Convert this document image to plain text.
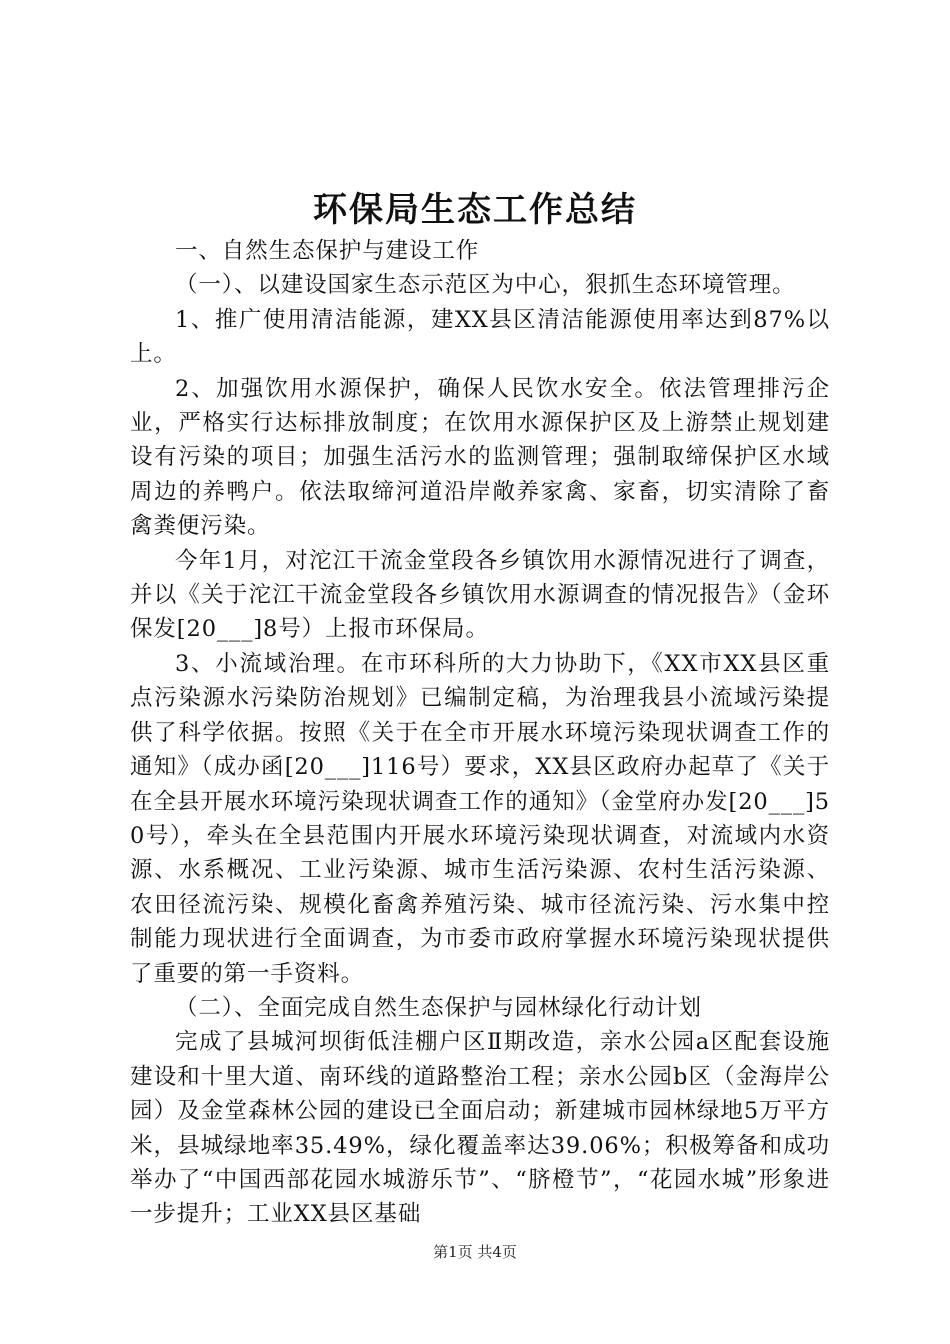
环保局生态工作总结

一、自然生态保护与建设工作

（一）、以建设国家生态示范区为中心，狠抓生态环境管理。

1、推广使用清洁能源，建XX县区清洁能源使用率达到87%以上。

2、加强饮用水源保护，确保人民饮水安全。依法管理排污企业，严格实行达标排放制度；在饮用水源保护区及上游禁止规划建设有污染的项目；加强生活污水的监测管理；强制取缔保护区水域周边的养鸭户。依法取缔河道沿岸敞养家禽、家畜，切实清除了畜禽粪便污染。

今年1月，对沱江干流金堂段各乡镇饮用水源情况进行了调查，并以《关于沱江干流金堂段各乡镇饮用水源调查的情况报告》（金环保发[20___]8号）上报市环保局。

3、小流域治理。在市环科所的大力协助下，《XX市XX县区重点污染源水污染防治规划》已编制定稿，为治理我县小流域污染提供了科学依据。按照《关于在全市开展水环境污染现状调查工作的通知》（成办函[20___]116号）要求，XX县区政府办起草了《关于在全县开展水环境污染现状调查工作的通知》（金堂府办发[20___]50号），牵头在全县范围内开展水环境污染现状调查，对流域内水资源、水系概况、工业污染源、城市生活污染源、农村生活污染源、农田径流污染、规模化畜禽养殖污染、城市径流污染、污水集中控制能力现状进行全面调查，为市委市政府掌握水环境污染现状提供了重要的第一手资料。

（二）、全面完成自然生态保护与园林绿化行动计划

完成了县城河坝街低洼棚户区Ⅱ期改造，亲水公园a区配套设施建设和十里大道、南环线的道路整治工程；亲水公园b区（金海岸公园）及金堂森林公园的建设已全面启动；新建城市园林绿地5万平方米，县城绿地率35.49%，绿化覆盖率达39.06%；积极筹备和成功举办了“中国西部花园水城游乐节”、“脐橙节”，“花园水城”形象进一步提升；工业XX县区基础

第1页 共4页
